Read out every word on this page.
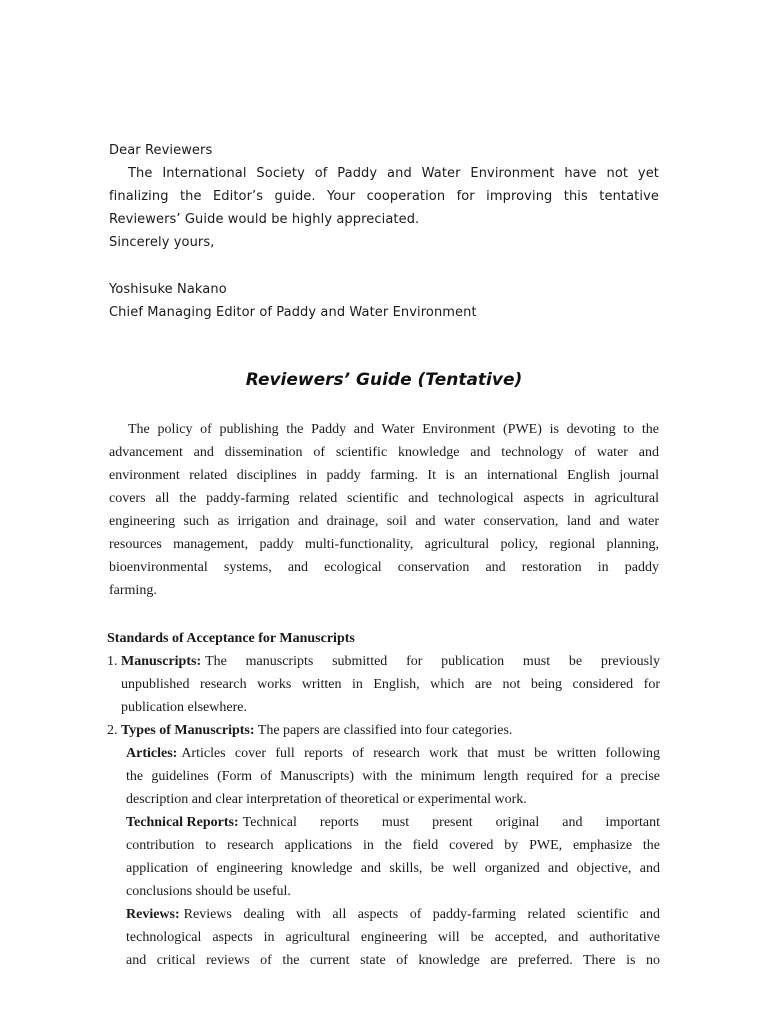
Dear Reviewers

The International Society of Paddy and Water Environment have not yet

finalizing the Editor’s guide. Your cooperation for improving this tentative

Reviewers’ Guide would be highly appreciated.

Sincerely yours,

Yoshisuke Nakano

Chief Managing Editor of Paddy and Water Environment

Reviewers’ Guide (Tentative)

The policy of publishing the Paddy and Water Environment (PWE) is devoting to the

advancement and dissemination of scientific knowledge and technology of water and

environment related disciplines in paddy farming. It is an international English journal

covers all the paddy-farming related scientific and technological aspects in agricultural

engineering such as irrigation and drainage, soil and water conservation, land and water

resources management, paddy multi-functionality, agricultural policy, regional planning,

bioenvironmental systems, and ecological conservation and restoration in paddy

farming.

Standards of Acceptance for Manuscripts

1. Manuscripts: The manuscripts submitted for publication must be previously

unpublished research works written in English, which are not being considered for

publication elsewhere.

2. Types of Manuscripts: The papers are classified into four categories.
Articles: Articles cover full reports of research work that must be written following

the guidelines (Form of Manuscripts) with the minimum length required for a precise

description and clear interpretation of theoretical or experimental work.

Technical Reports: Technical reports must present original and important

contribution to research applications in the field covered by PWE, emphasize the

application of engineering knowledge and skills, be well organized and objective, and

conclusions should be useful.

Reviews: Reviews dealing with all aspects of paddy-farming related scientific and

technological aspects in agricultural engineering will be accepted, and authoritative

and critical reviews of the current state of knowledge are preferred. There is no
